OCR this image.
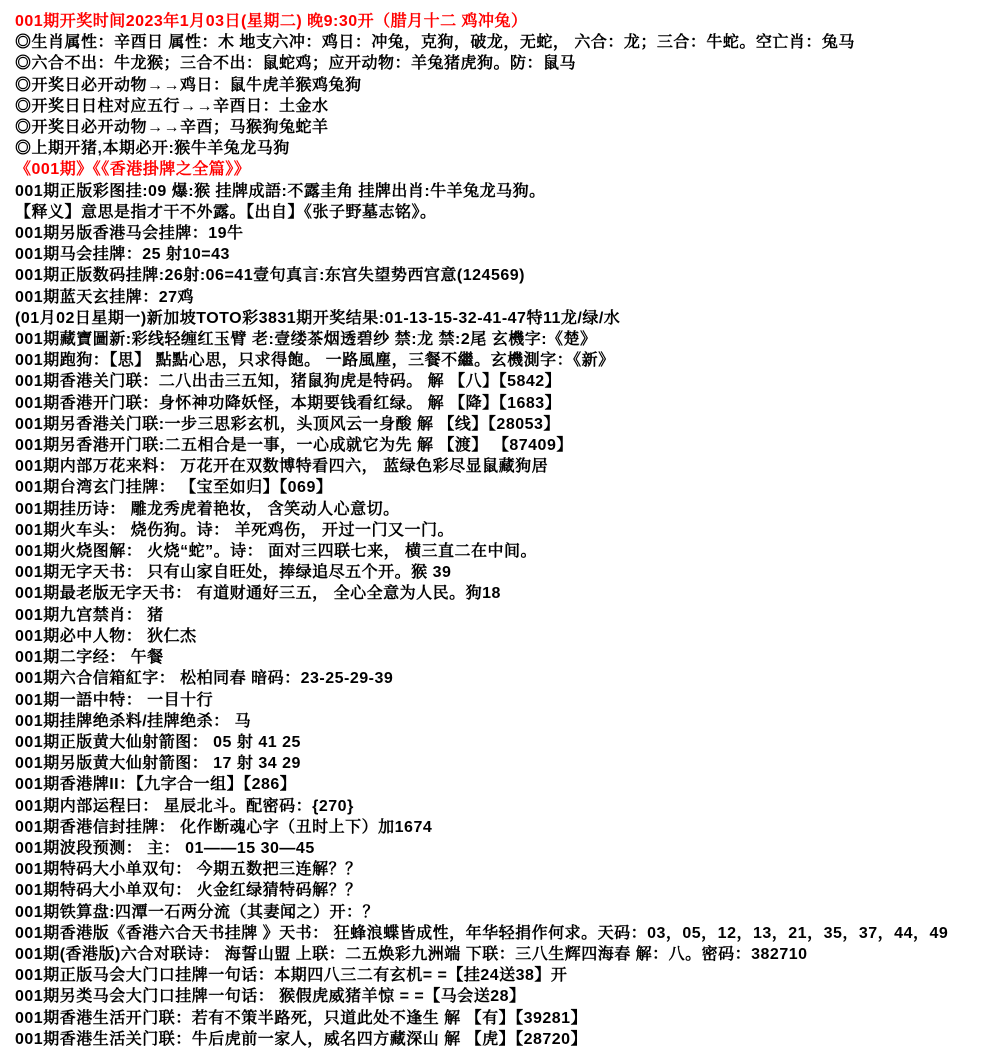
001期开奖时间2023年1月03日(星期二) 晚9:30开（腊月十二 鸡冲兔）
◎生肖属性：辛酉日 属性：木 地支六冲：鸡日：冲兔，克狗，破龙，无蛇， 六合：龙；三合：牛蛇。空亡肖：兔马
◎六合不出：牛龙猴；三合不出：鼠蛇鸡；应开动物：羊兔猪虎狗。防：鼠马
◎开奖日必开动物→→鸡日：鼠牛虎羊猴鸡兔狗
◎开奖日日柱对应五行→→辛酉日：土金水
◎开奖日必开动物→→辛酉；马猴狗兔蛇羊
◎上期开猪,本期必开:猴牛羊兔龙马狗
《001期》《《香港掛牌之全篇》》
001期正版彩图挂:09 爆:猴 挂牌成語:不露圭角 挂牌出肖:牛羊兔龙马狗。
【释义】意思是指才干不外露。【出自】《张子野墓志铭》。
001期另版香港马会挂牌：19牛
001期马会挂牌：25 射10=43
001期正版数码挂牌:26射:06=41壹句真言:东宫失望势西宫意(124569)
001期蓝天玄挂牌：27鸡
(01月02日星期一)新加坡TOTO彩3831期开奖结果:01-13-15-32-41-47特11龙/绿/水
001期藏寶圖新:彩线轻缠红玉臂 老:壹缕茶烟透碧纱 禁:龙 禁:2尾 玄機字:《楚》
001期跑狗：【思】 點點心思，只求得飽。 一路風塵，三餐不繼。玄機測字：《新》
001期香港关门联：二八出击三五知，猪鼠狗虎是特码。 解 【八】【5842】
001期香港开门联：身怀神功降妖怪，本期要钱看红绿。 解 【降】【1683】
001期另香港关门联:一步三思彩玄机，头顶风云一身酸 解 【线】【28053】
001期另香港开门联:二五相合是一事，一心成就它为先 解 【渡】 【87409】
001期内部万花来料： 万花开在双数博特看四六， 蓝绿色彩尽显鼠藏狗居
001期台湾玄门挂牌： 【宝至如归】【069】
001期挂历诗： 雕龙秀虎着艳妆， 含笑动人心意切。
001期火车头： 烧伤狗。诗： 羊死鸡伤， 开过一门又一门。
001期火烧图解： 火烧“蛇”。诗： 面对三四联七来， 横三直二在中间。
001期无字天书： 只有山家自旺处，捧绿追尽五个开。猴 39
001期最老版无字天书： 有道财通好三五， 全心全意为人民。狗18
001期九宫禁肖： 猪
001期必中人物： 狄仁杰
001期二字经： 午餐
001期六合信箱紅字： 松柏同春 暗码：23-25-29-39
001期一語中特： 一目十行
001期挂牌绝杀料/挂牌绝杀： 马
001期正版黄大仙射箭图： 05 射 41 25
001期另版黄大仙射箭图： 17 射 34 29
001期香港牌II：【九字合一组】【286】
001期内部运程曰： 星辰北斗。配密码：{270}
001期香港信封挂牌： 化作断魂心字（丑时上下）加1674
001期波段预测： 主： 01——15 30—45
001期特码大小单双句： 今期五数把三连解？？
001期特码大小单双句： 火金红绿猜特码解？？
001期铁算盘:四潭一石两分流（其妻闻之）开：？
001期香港版《香港六合天书挂牌 》天书： 狂蜂浪蝶皆成性，年华轻捐作何求。天码：03，05，12，13，21，35，37，44，49
001期(香港版)六合对联诗： 海誓山盟 上联：二五焕彩九洲端 下联：三八生辉四海春 解：八。密码：382710
001期正版马会大门口挂牌一句话：本期四八三二有玄机= =【挂24送38】开
001期另类马会大门口挂牌一句话： 猴假虎威猪羊惊 = =【马会送28】
001期香港生活开门联：若有不策半路死，只道此处不逢生 解 【有】【39281】
001期香港生活关门联：牛后虎前一家人，威名四方藏深山 解 【虎】【28720】
